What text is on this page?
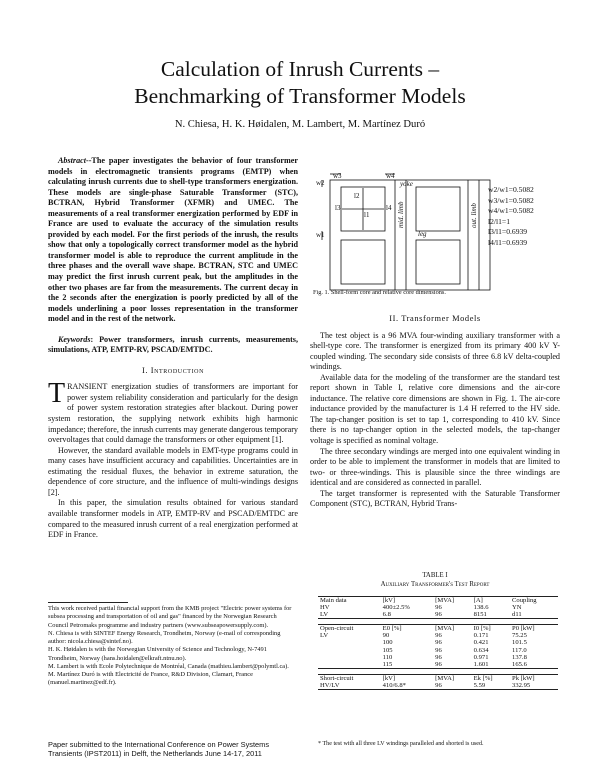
Calculation of Inrush Currents –
Benchmarking of Transformer Models
N. Chiesa, H. K. Høidalen, M. Lambert, M. Martínez Duró

Abstract--The paper investigates the behavior of four transformer models in electromagnetic transients programs (EMTP) when calculating inrush currents due to shell-type transformers energization. These models are single-phase Saturable Transformer (STC), BCTRAN, Hybrid Transformer (XFMR) and UMEC. The measurements of a real transformer energization performed by EDF in France are used to evaluate the accuracy of the simulation results provided by each model. For the first periods of the inrush, the results show that only a topologically correct transformer model as the hybrid transformer model is able to reproduce the current amplitude in the three phases and the overall wave shape. BCTRAN, STC and UMEC may predict the first inrush current peak, but the amplitudes in the other two phases are far from the measurements. The current decay in the 2 seconds after the energization is poorly predicted by all of the models underlining a poor losses representation in the transformer model and in the rest of the network.

Keywords: Power transformers, inrush currents, measurements, simulations, ATP, EMTP-RV, PSCAD/EMTDC.

I. Introduction

TRANSIENT energization studies of transformers are important for power system reliability consideration and particularly for the design of power system restoration strategies after blackout. During power system restoration, the supplying network exhibits high harmonic impedance; therefore, the inrush currents may generate dangerous temporary overvoltages that could damage the transformers or other equipment [1].

However, the standard available models in EMT-type programs could in many cases have insufficient accuracy and capabilities. Uncertainties are in estimating the residual fluxes, the behavior in extreme saturation, the dependence of core structure, and the influence of multi-windings designs [2].

In this paper, the simulation results obtained for various standard available transformer models in ATP, EMTP-RV and PSCAD/EMTDC are compared to the measured inrush current of a real energization performed at EDF in France.

This work received partial financial support from the KMB project "Electric power systems for subsea processing and transportation of oil and gas" financed by the Norwegian Research Council Petromaks programme and industry partners (www.subseapowersupply.com).
N. Chiesa is with SINTEF Energy Research, Trondheim, Norway (e-mail of corresponding author: nicola.chiesa@sintef.no).
H. K. Høidalen is with the Norwegian University of Science and Technology, N-7491 Trondheim, Norway (hans.hoidalen@elkraft.ntnu.no).
M. Lambert is with Ecole Polytechnique de Montréal, Canada (mathieu.lambert@polymtl.ca).
M. Martínez Duró is with Electricité de France, R&D Division, Clamart, France (manuel.martinez@edf.fr).
Paper submitted to the International Conference on Power Systems
Transients (IPST2011) in Delft, the Netherlands June 14-17, 2011
w3	w4
w2
w1
l1
l2
l3	l4
yoke
leg
mid. limb	out. limb
w2/w1=0.5082
w3/w1=0.5082
w4/w1=0.5082
l2/l1=1
l3/l1=0.6939
l4/l1=0.6939
Fig. 1. Shell-form core and relative core dimensions.
II. Transformer Models

The test object is a 96 MVA four-winding auxiliary transformer with a shell-type core. The transformer is energized from its primary 400 kV Y-coupled winding. The secondary side consists of three 6.8 kV delta-coupled windings.

Available data for the modeling of the transformer are the standard test report shown in Table I, relative core dimensions and the air-core inductance. The relative core dimensions are shown in Fig. 1. The air-core inductance provided by the manufacturer is 1.4 H referred to the HV side. The tap-changer position is set to tap 1, corresponding to 410 kV. Since there is no tap-changer option in the selected models, the tap-changer voltage is specified as nominal voltage.

The three secondary windings are merged into one equivalent winding in order to be able to implement the transformer in models that are limited to two- or three-windings. This is plausible since the three windings are identical and are considered as connected in parallel.

The target transformer is represented with the Saturable Transformer Component (STC), BCTRAN, Hybrid Trans-

TABLE I
Auxiliary Transformer's Test Report
Main data	[kV]	[MVA]	[A]	Coupling
HV	400±2.5%	96	138.6	YN
LV	6.8	96	8151	d11

Open-circuit	E0 [%]	[MVA]	I0 [%]	P0 [kW]
LV	90	96	0.171	75.25
	100	96	0.421	101.5
	105	96	0.634	117.0
	110	96	0.971	137.8
	115	96	1.601	165.6

Short-circuit	[kV]	[MVA]	Ek [%]	Pk [kW]
HV/LV	410/6.8*	96	5.59	332.95
* The test with all three LV windings paralleled and shorted is used.
